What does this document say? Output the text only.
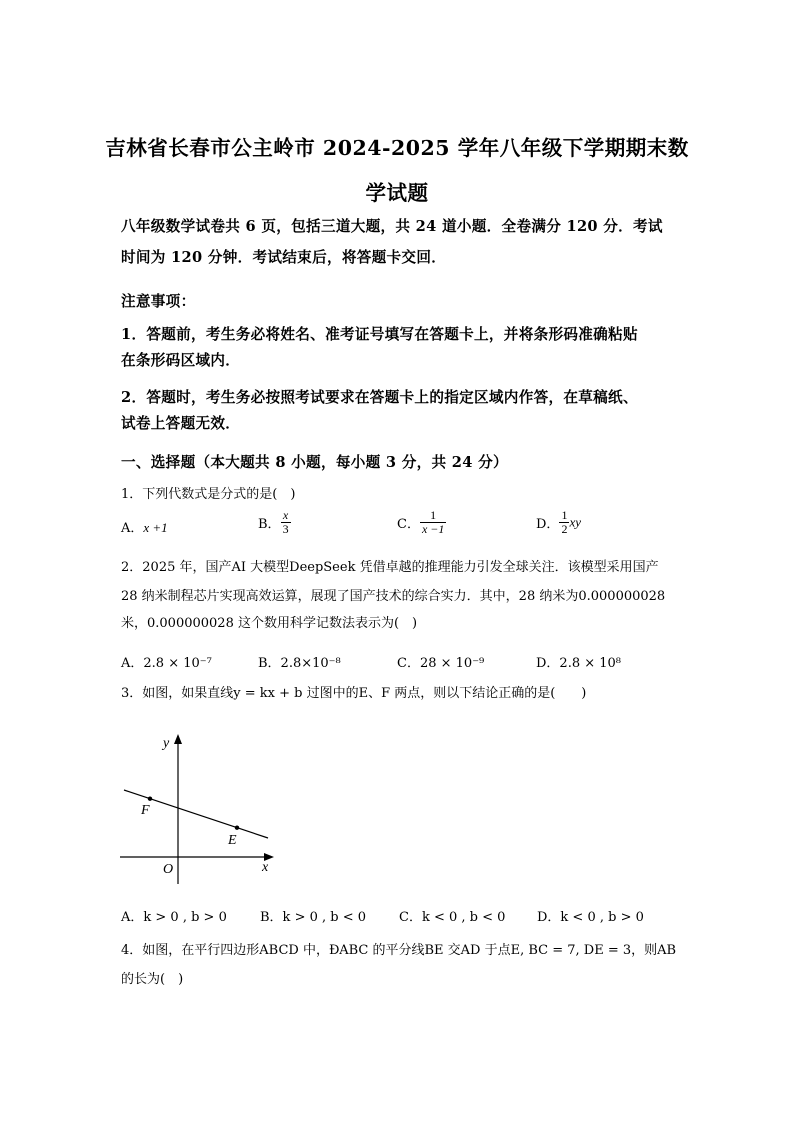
吉林省长春市公主岭市 2024-2025 学年八年级下学期期末数
学试题
八年级数学试卷共 6 页，包括三道大题，共 24 道小题．全卷满分 120 分．考试
时间为 120 分钟．考试结束后，将答题卡交回．
注意事项：
1．答题前，考生务必将姓名、准考证号填写在答题卡上，并将条形码准确粘贴
在条形码区域内．
2．答题时，考生务必按照考试要求在答题卡上的指定区域内作答，在草稿纸、
试卷上答题无效．
一、选择题（本大题共 8 小题，每小题 3 分，共 24 分）
1．下列代数式是分式的是(　)
A．x +1	B． $\frac{x}{3}$	C． $\frac{1}{x -1}$	D． $\frac{1}{2}$ xy
2．2025 年，国产AI 大模型DeepSeek 凭借卓越的推理能力引发全球关注．该模型采用国产
28 纳米制程芯片实现高效运算，展现了国产技术的综合实力．其中，28 纳米为0.000000028
米，0.000000028 这个数用科学记数法表示为(　)
A．2.8 × 10⁻⁷	B．2.8×10⁻⁸	C．28 × 10⁻⁹	D．2.8 × 10⁸
3．如图，如果直线y = kx + b 过图中的E、F 两点，则以下结论正确的是(　　)
y
x
O
F
E
A．k > 0 , b > 0	B．k > 0 , b < 0	C．k < 0 , b < 0 D．k < 0 , b > 0
4．如图，在平行四边形ABCD 中，ÐABC 的平分线BE 交AD 于点E, BC = 7, DE = 3，则AB
的长为(　)
